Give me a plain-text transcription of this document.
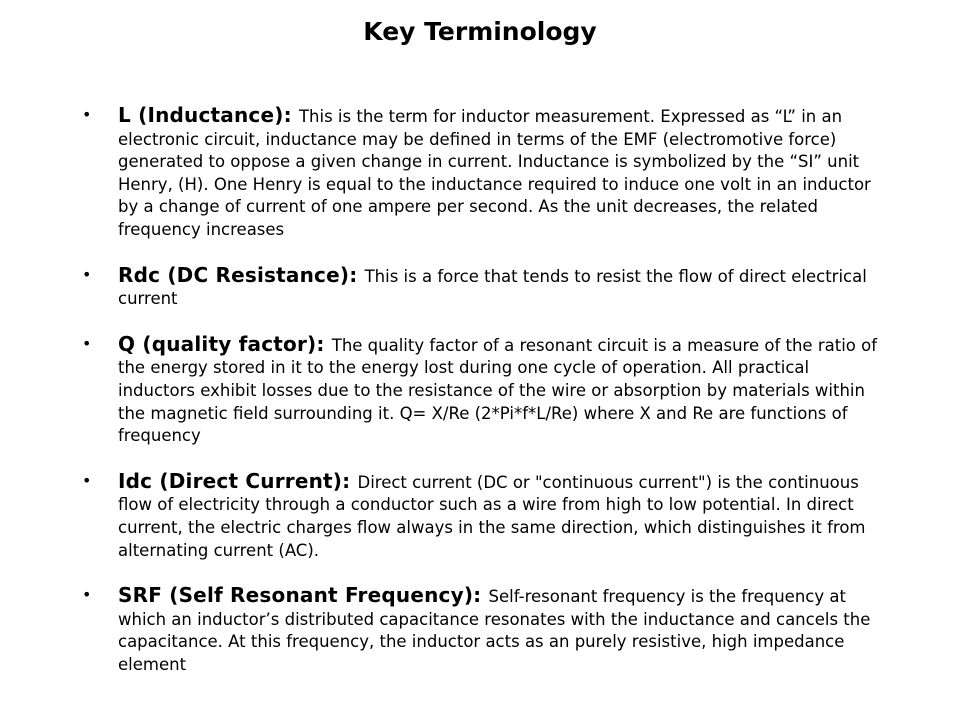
Key Terminology
• L (Inductance): This is the term for inductor measurement. Expressed as “L” in an electronic circuit, inductance may be defined in terms of the EMF (electromotive force) generated to oppose a given change in current. Inductance is symbolized by the “SI” unit Henry, (H). One Henry is equal to the inductance required to induce one volt in an inductor by a change of current of one ampere per second. As the unit decreases, the related frequency increases
• Rdc (DC Resistance): This is a force that tends to resist the flow of direct electrical current
• Q (quality factor): The quality factor of a resonant circuit is a measure of the ratio of the energy stored in it to the energy lost during one cycle of operation. All practical inductors exhibit losses due to the resistance of the wire or absorption by materials within the magnetic field surrounding it. Q= X/Re (2*Pi*f*L/Re) where X and Re are functions of frequency
• Idc (Direct Current): Direct current (DC or "continuous current") is the continuous flow of electricity through a conductor such as a wire from high to low potential. In direct current, the electric charges flow always in the same direction, which distinguishes it from alternating current (AC).
• SRF (Self Resonant Frequency): Self-resonant frequency is the frequency at which an inductor’s distributed capacitance resonates with the inductance and cancels the capacitance. At this frequency, the inductor acts as an purely resistive, high impedance element
